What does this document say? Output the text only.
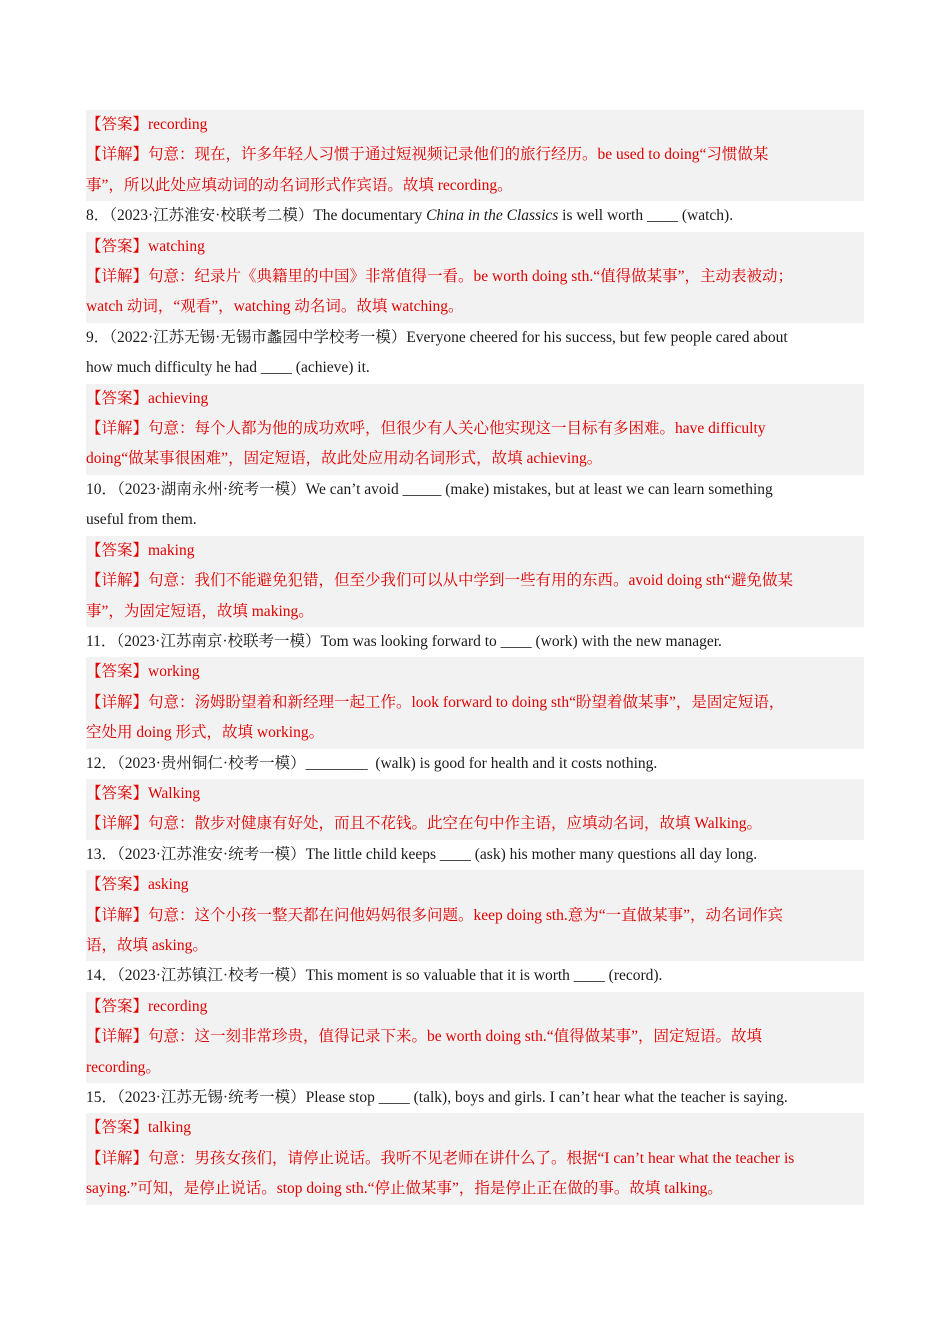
【答案】recording
【详解】句意：现在，许多年轻人习惯于通过短视频记录他们的旅行经历。be used to doing“习惯做某
事”，所以此处应填动词的动名词形式作宾语。故填 recording。
8．（2023·江苏淮安·校联考二模）The documentary China in the Classics is well worth ____ (watch).
【答案】watching
【详解】句意：纪录片《典籍里的中国》非常值得一看。be worth doing sth.“值得做某事”，主动表被动；
watch 动词，“观看”，watching 动名词。故填 watching。
9．（2022·江苏无锡·无锡市蠡园中学校考一模）Everyone cheered for his success, but few people cared about
how much difficulty he had ____ (achieve) it.
【答案】achieving
【详解】句意：每个人都为他的成功欢呼，但很少有人关心他实现这一目标有多困难。have difficulty
doing“做某事很困难”，固定短语，故此处应用动名词形式，故填 achieving。
10．（2023·湖南永州·统考一模）We can’t avoid _____ (make) mistakes, but at least we can learn something
useful from them.
【答案】making
【详解】句意：我们不能避免犯错，但至少我们可以从中学到一些有用的东西。avoid doing sth“避免做某
事”，为固定短语，故填 making。
11．（2023·江苏南京·校联考一模）Tom was looking forward to ____ (work) with the new manager.
【答案】working
【详解】句意：汤姆盼望着和新经理一起工作。look forward to doing sth“盼望着做某事”，是固定短语，
空处用 doing 形式，故填 working。
12．（2023·贵州铜仁·校考一模）________  (walk) is good for health and it costs nothing.
【答案】Walking
【详解】句意：散步对健康有好处，而且不花钱。此空在句中作主语，应填动名词，故填 Walking。
13．（2023·江苏淮安·统考一模）The little child keeps ____ (ask) his mother many questions all day long.
【答案】asking
【详解】句意：这个小孩一整天都在问他妈妈很多问题。keep doing sth.意为“一直做某事”，动名词作宾
语，故填 asking。
14．（2023·江苏镇江·校考一模）This moment is so valuable that it is worth ____ (record).
【答案】recording
【详解】句意：这一刻非常珍贵，值得记录下来。be worth doing sth.“值得做某事”，固定短语。故填
recording。
15．（2023·江苏无锡·统考一模）Please stop ____ (talk), boys and girls. I can’t hear what the teacher is saying.
【答案】talking
【详解】句意：男孩女孩们，请停止说话。我听不见老师在讲什么了。根据“I can’t hear what the teacher is
saying.”可知，是停止说话。stop doing sth.“停止做某事”，指是停止正在做的事。故填 talking。
